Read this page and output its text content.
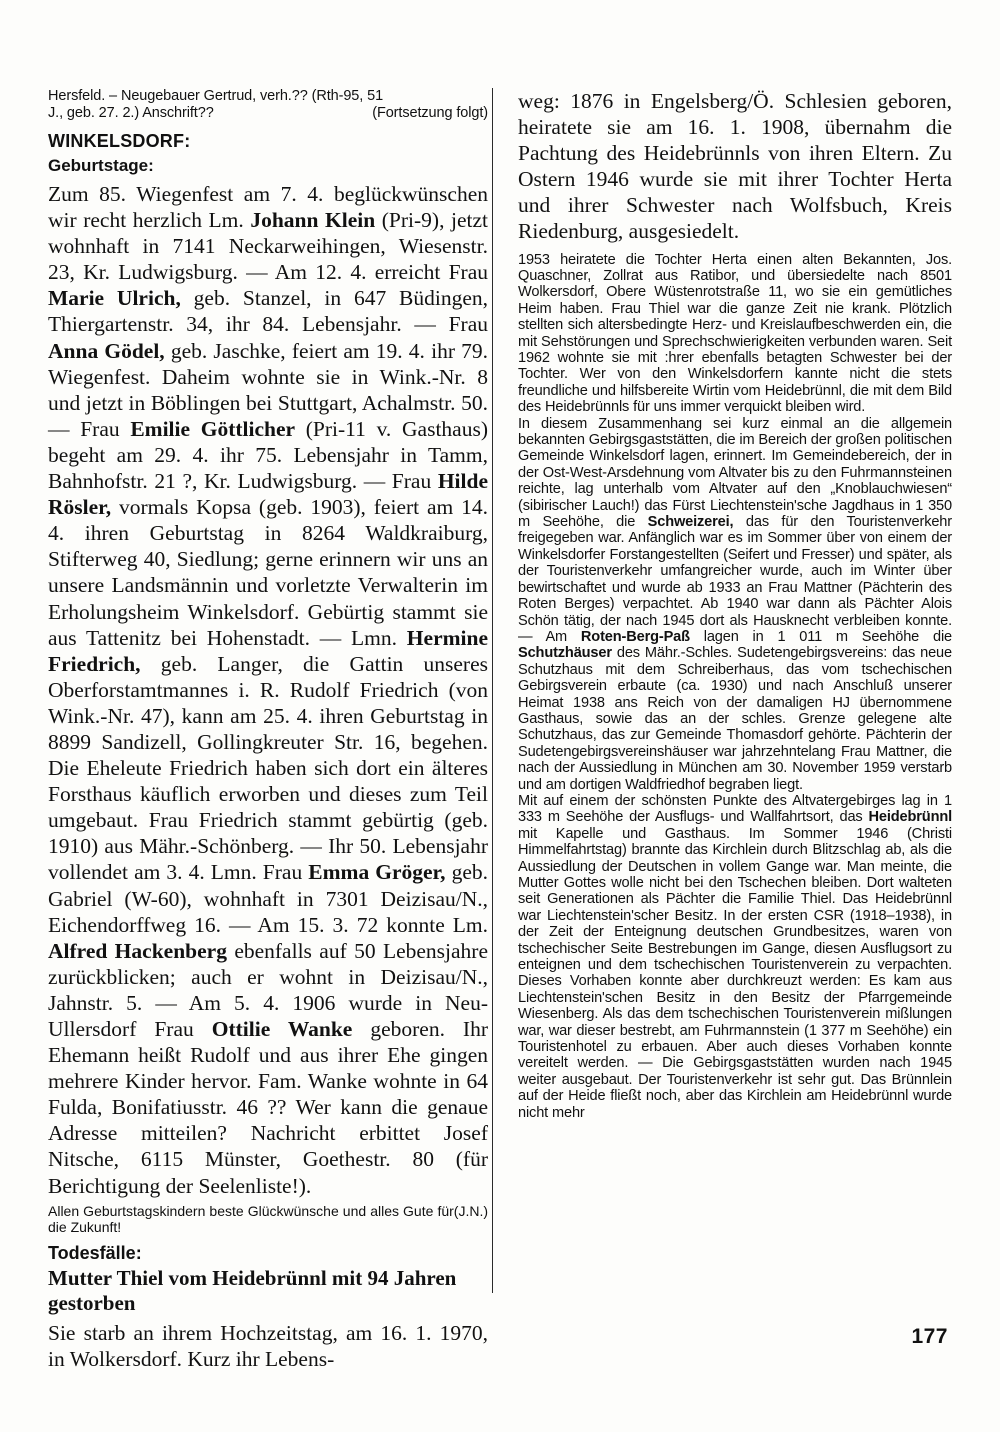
Hersfeld. – Neugebauer Gertrud, verh.?? (Rth-95, 51
J., geb. 27. 2.) Anschrift??	(Fortsetzung folgt)
WINKELSDORF:
Geburtstage:
Zum 85. Wiegenfest am 7. 4. beglückwünschen wir recht herzlich Lm. Johann Klein (Pri-9), jetzt wohnhaft in 7141 Neckarweihingen, Wiesenstr. 23, Kr. Ludwigsburg. — Am 12. 4. erreicht Frau Marie Ulrich, geb. Stanzel, in 647 Büdingen, Thiergartenstr. 34, ihr 84. Lebensjahr. — Frau Anna Gödel, geb. Jaschke, feiert am 19. 4. ihr 79. Wiegenfest. Daheim wohnte sie in Wink.-Nr. 8 und jetzt in Böblingen bei Stuttgart, Achalmstr. 50. — Frau Emilie Göttlicher (Pri-11 v. Gasthaus) begeht am 29. 4. ihr 75. Lebensjahr in Tamm, Bahnhofstr. 21 ?, Kr. Ludwigsburg. — Frau Hilde Rösler, vormals Kopsa (geb. 1903), feiert am 14. 4. ihren Geburtstag in 8264 Waldkraiburg, Stifterweg 40, Siedlung; gerne erinnern wir uns an unsere Landsmännin und vorletzte Verwalterin im Erholungsheim Winkelsdorf. Gebürtig stammt sie aus Tattenitz bei Hohenstadt. — Lmn. Hermine Friedrich, geb. Langer, die Gattin unseres Oberforstamtmannes i. R. Rudolf Friedrich (von Wink.-Nr. 47), kann am 25. 4. ihren Geburtstag in 8899 Sandizell, Gollingkreuter Str. 16, begehen. Die Eheleute Friedrich haben sich dort ein älteres Forsthaus käuflich erworben und dieses zum Teil umgebaut. Frau Friedrich stammt gebürtig (geb. 1910) aus Mähr.-Schönberg. — Ihr 50. Lebensjahr vollendet am 3. 4. Lmn. Frau Emma Gröger, geb. Gabriel (W-60), wohnhaft in 7301 Deizisau/N., Eichendorffweg 16. — Am 15. 3. 72 konnte Lm. Alfred Hackenberg ebenfalls auf 50 Lebensjahre zurückblicken; auch er wohnt in Deizisau/N., Jahnstr. 5. — Am 5. 4. 1906 wurde in Neu-Ullersdorf Frau Ottilie Wanke geboren. Ihr Ehemann heißt Rudolf und aus ihrer Ehe gingen mehrere Kinder hervor. Fam. Wanke wohnte in 64 Fulda, Bonifatiusstr. 46 ?? Wer kann die genaue Adresse mitteilen? Nachricht erbittet Josef Nitsche, 6115 Münster, Goethestr. 80 (für Berichtigung der Seelenliste!).
(J.N.)
Allen Geburtstagskindern beste Glückwünsche und alles Gute für die Zukunft!
Todesfälle:
Mutter Thiel vom Heidebrünnl mit 94 Jahren gestorben
Sie starb an ihrem Hochzeitstag, am 16. 1. 1970, in Wolkersdorf. Kurz ihr Lebens-
weg: 1876 in Engelsberg/Ö. Schlesien geboren, heiratete sie am 16. 1. 1908, übernahm die Pachtung des Heidebrünnls von ihren Eltern. Zu Ostern 1946 wurde sie mit ihrer Tochter Herta und ihrer Schwester nach Wolfsbuch, Kreis Riedenburg, ausgesiedelt.

1953 heiratete die Tochter Herta einen alten Bekannten, Jos. Quaschner, Zollrat aus Ratibor, und übersiedelte nach 8501 Wolkersdorf, Obere Wüstenrotstraße 11, wo sie ein gemütliches Heim haben. Frau Thiel war die ganze Zeit nie krank. Plötzlich stellten sich altersbedingte Herz- und Kreislaufbeschwerden ein, die mit Sehstörungen und Sprechschwierigkeiten verbunden waren. Seit 1962 wohnte sie mit :hrer ebenfalls betagten Schwester bei der Tochter. Wer von den Winkelsdorfern kannte nicht die stets freundliche und hilfsbereite Wirtin vom Heidebrünnl, die mit dem Bild des Heidebrünnls für uns immer verquickt bleiben wird.

In diesem Zusammenhang sei kurz einmal an die allgemein bekannten Gebirgsgaststätten, die im Bereich der großen politischen Gemeinde Winkelsdorf lagen, erinnert. Im Gemeindebereich, der in der Ost-West-Arsdehnung vom Altvater bis zu den Fuhrmannsteinen reichte, lag unterhalb vom Altvater auf den „Knoblauchwiesen“ (sibirischer Lauch!) das Fürst Liechtenstein'sche Jagdhaus in 1 350 m Seehöhe, die Schweizerei, das für den Touristenverkehr freigegeben war. Anfänglich war es im Sommer über von einem der Winkelsdorfer Forstangestellten (Seifert und Fresser) und später, als der Touristenverkehr umfangreicher wurde, auch im Winter über bewirtschaftet und wurde ab 1933 an Frau Mattner (Pächterin des Roten Berges) verpachtet. Ab 1940 war dann als Pächter Alois Schön tätig, der nach 1945 dort als Hausknecht verbleiben konnte. — Am Roten-Berg-Paß lagen in 1 011 m Seehöhe die Schutzhäuser des Mähr.-Schles. Sudetengebirgsvereins: das neue Schutzhaus mit dem Schreiberhaus, das vom tschechischen Gebirgsverein erbaute (ca. 1930) und nach Anschluß unserer Heimat 1938 ans Reich von der damaligen HJ übernommene Gasthaus, sowie das an der schles. Grenze gelegene alte Schutzhaus, das zur Gemeinde Thomasdorf gehörte. Pächterin der Sudetengebirgsvereinshäuser war jahrzehntelang Frau Mattner, die nach der Aussiedlung in München am 30. November 1959 verstarb und am dortigen Waldfriedhof begraben liegt.

Mit auf einem der schönsten Punkte des Altvatergebirges lag in 1 333 m Seehöhe der Ausflugs- und Wallfahrtsort, das Heidebrünnl mit Kapelle und Gasthaus. Im Sommer 1946 (Christi Himmelfahrtstag) brannte das Kirchlein durch Blitzschlag ab, als die Aussiedlung der Deutschen in vollem Gange war. Man meinte, die Mutter Gottes wolle nicht bei den Tschechen bleiben. Dort walteten seit Generationen als Pächter die Familie Thiel. Das Heidebrünnl war Liechtenstein'scher Besitz. In der ersten CSR (1918–1938), in der Zeit der Enteignung deutschen Grundbesitzes, waren von tschechischer Seite Bestrebungen im Gange, diesen Ausflugsort zu enteignen und dem tschechischen Touristenverein zu verpachten. Dieses Vorhaben konnte aber durchkreuzt werden: Es kam aus Liechtenstein'schen Besitz in den Besitz der Pfarrgemeinde Wiesenberg. Als das dem tschechischen Touristenverein mißlungen war, war dieser bestrebt, am Fuhrmannstein (1 377 m Seehöhe) ein Touristenhotel zu erbauen. Aber auch dieses Vorhaben konnte vereitelt werden. — Die Gebirgsgaststätten wurden nach 1945 weiter ausgebaut. Der Touristenverkehr ist sehr gut. Das Brünnlein auf der Heide fließt noch, aber das Kirchlein am Heidebrünnl wurde nicht mehr

177
